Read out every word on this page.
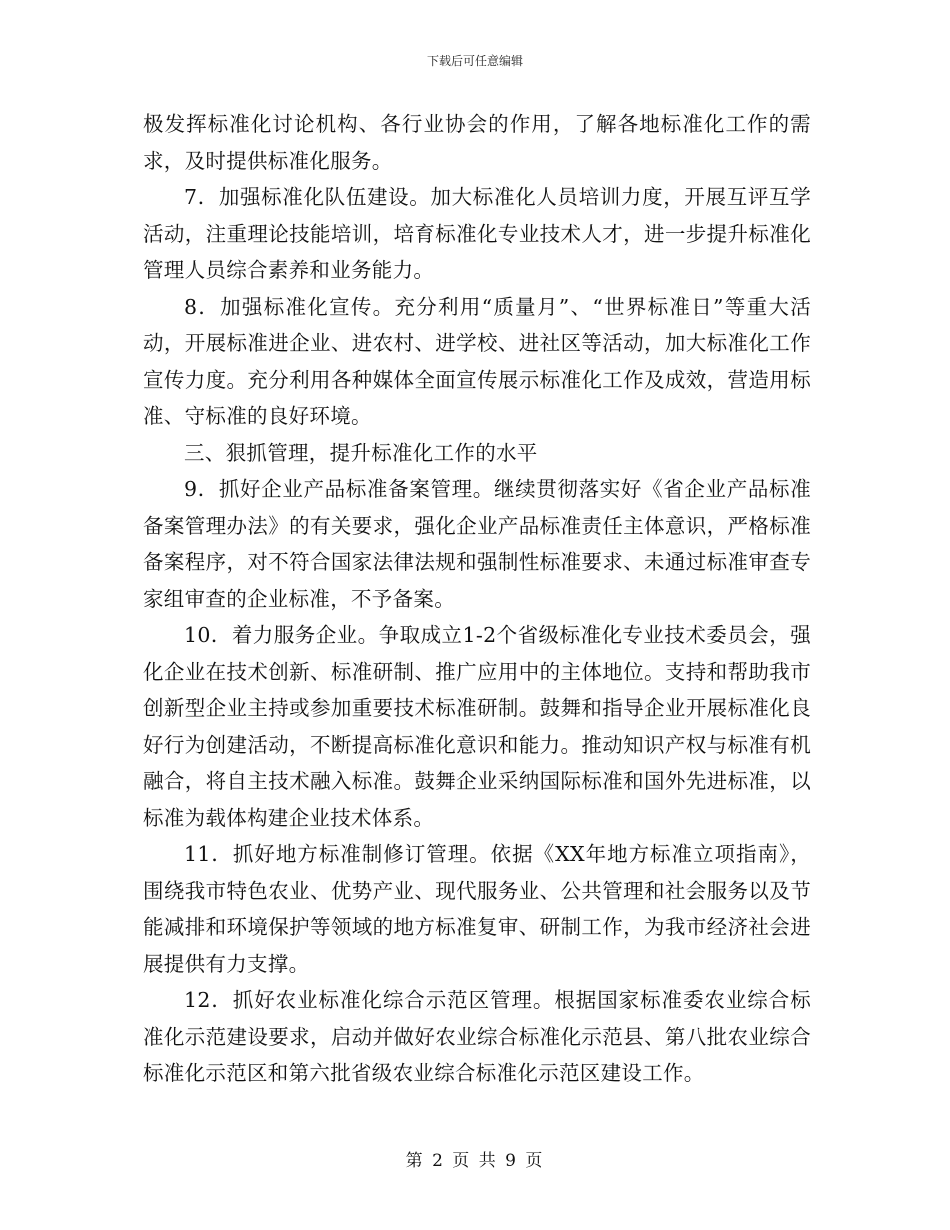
下载后可任意编辑

极发挥标准化讨论机构、各行业协会的作用，了解各地标准化工作的需求，及时提供标准化服务。

7．加强标准化队伍建设。加大标准化人员培训力度，开展互评互学活动，注重理论技能培训，培育标准化专业技术人才，进一步提升标准化管理人员综合素养和业务能力。

8．加强标准化宣传。充分利用“质量月”、“世界标准日”等重大活动，开展标准进企业、进农村、进学校、进社区等活动，加大标准化工作宣传力度。充分利用各种媒体全面宣传展示标准化工作及成效，营造用标准、守标准的良好环境。

三、狠抓管理，提升标准化工作的水平

9．抓好企业产品标准备案管理。继续贯彻落实好《省企业产品标准备案管理办法》的有关要求，强化企业产品标准责任主体意识，严格标准备案程序，对不符合国家法律法规和强制性标准要求、未通过标准审查专家组审查的企业标准，不予备案。

10．着力服务企业。争取成立1-2个省级标准化专业技术委员会，强化企业在技术创新、标准研制、推广应用中的主体地位。支持和帮助我市创新型企业主持或参加重要技术标准研制。鼓舞和指导企业开展标准化良好行为创建活动，不断提高标准化意识和能力。推动知识产权与标准有机融合，将自主技术融入标准。鼓舞企业采纳国际标准和国外先进标准，以标准为载体构建企业技术体系。

11．抓好地方标准制修订管理。依据《XX年地方标准立项指南》，围绕我市特色农业、优势产业、现代服务业、公共管理和社会服务以及节能减排和环境保护等领域的地方标准复审、研制工作，为我市经济社会进展提供有力支撑。

12．抓好农业标准化综合示范区管理。根据国家标准委农业综合标准化示范建设要求，启动并做好农业综合标准化示范县、第八批农业综合标准化示范区和第六批省级农业综合标准化示范区建设工作。

第 2 页 共 9 页
